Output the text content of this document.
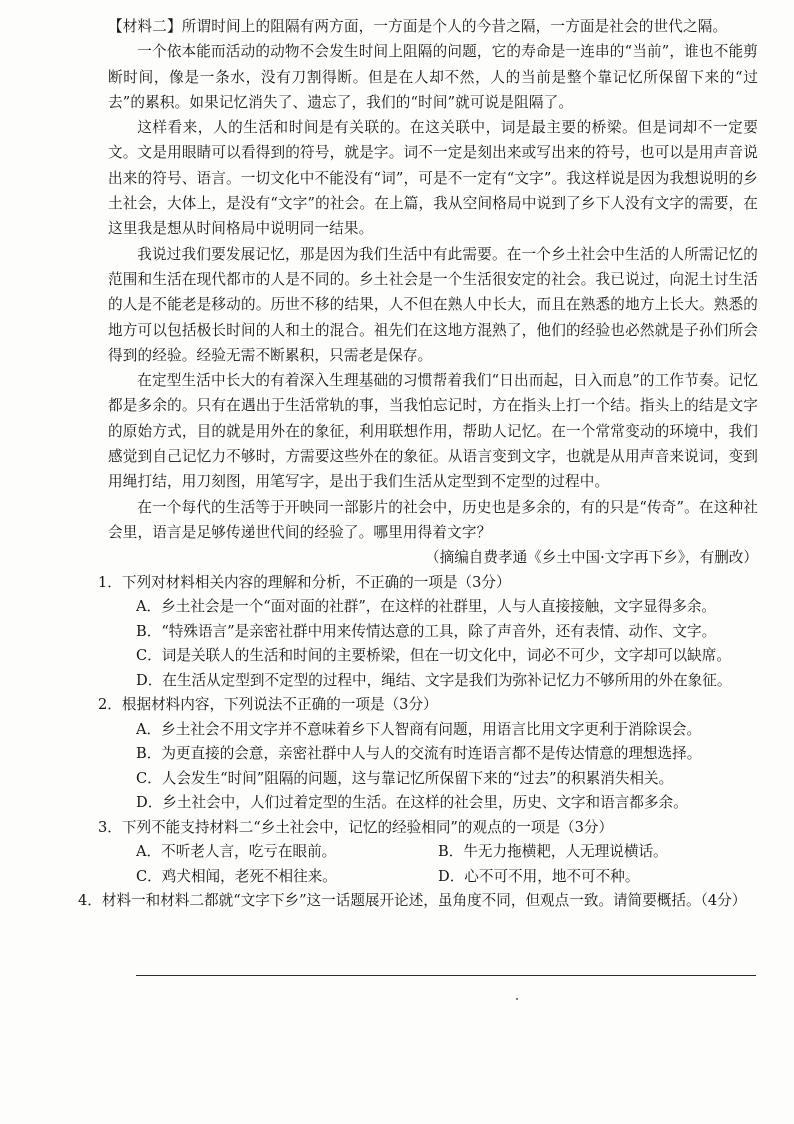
【材料二】所谓时间上的阻隔有两方面，一方面是个人的今昔之隔，一方面是社会的世代之隔。

一个依本能而活动的动物不会发生时间上阻隔的问题，它的寿命是一连串的“当前”，谁也不能剪断时间，像是一条水，没有刀割得断。但是在人却不然，人的当前是整个靠记忆所保留下来的“过去”的累积。如果记忆消失了、遗忘了，我们的“时间”就可说是阻隔了。

这样看来，人的生活和时间是有关联的。在这关联中，词是最主要的桥梁。但是词却不一定要文。文是用眼睛可以看得到的符号，就是字。词不一定是刻出来或写出来的符号，也可以是用声音说出来的符号、语言。一切文化中不能没有“词”，可是不一定有“文字”。我这样说是因为我想说明的乡土社会，大体上，是没有“文字”的社会。在上篇，我从空间格局中说到了乡下人没有文字的需要，在这里我是想从时间格局中说明同一结果。

我说过我们要发展记忆，那是因为我们生活中有此需要。在一个乡土社会中生活的人所需记忆的范围和生活在现代都市的人是不同的。乡土社会是一个生活很安定的社会。我已说过，向泥土讨生活的人是不能老是移动的。历世不移的结果，人不但在熟人中长大，而且在熟悉的地方上长大。熟悉的地方可以包括极长时间的人和土的混合。祖先们在这地方混熟了，他们的经验也必然就是子孙们所会得到的经验。经验无需不断累积，只需老是保存。

在定型生活中长大的有着深入生理基础的习惯帮着我们“日出而起，日入而息”的工作节奏。记忆都是多余的。只有在遇出于生活常轨的事，当我怕忘记时，方在指头上打一个结。指头上的结是文字的原始方式，目的就是用外在的象征，利用联想作用，帮助人记忆。在一个常常变动的环境中，我们感觉到自己记忆力不够时，方需要这些外在的象征。从语言变到文字，也就是从用声音来说词，变到用绳打结，用刀刻图，用笔写字，是出于我们生活从定型到不定型的过程中。

在一个每代的生活等于开映同一部影片的社会中，历史也是多余的，有的只是“传奇”。在这种社会里，语言是足够传递世代间的经验了。哪里用得着文字？

（摘编自费孝通《乡土中国·文字再下乡》，有删改）

1．下列对材料相关内容的理解和分析，不正确的一项是（3分）

A．乡土社会是一个“面对面的社群”，在这样的社群里，人与人直接接触，文字显得多余。

B．“特殊语言”是亲密社群中用来传情达意的工具，除了声音外，还有表情、动作、文字。

C．词是关联人的生活和时间的主要桥梁，但在一切文化中，词必不可少，文字却可以缺席。

D．在生活从定型到不定型的过程中，绳结、文字是我们为弥补记忆力不够所用的外在象征。

2．根据材料内容，下列说法不正确的一项是（3分）

A．乡土社会不用文字并不意味着乡下人智商有问题，用语言比用文字更利于消除误会。

B．为更直接的会意，亲密社群中人与人的交流有时连语言都不是传达情意的理想选择。

C．人会发生“时间”阻隔的问题，这与靠记忆所保留下来的“过去”的积累消失相关。

D．乡土社会中，人们过着定型的生活。在这样的社会里，历史、文字和语言都多余。

3．下列不能支持材料二“乡土社会中，记忆的经验相同”的观点的一项是（3分）

A．不听老人言，吃亏在眼前。	B．牛无力拖横耙，人无理说横话。
C．鸡犬相闻，老死不相往来。	D．心不可不用，地不可不种。

4．材料一和材料二都就“文字下乡”这一话题展开论述，虽角度不同，但观点一致。请简要概括。（4分）
